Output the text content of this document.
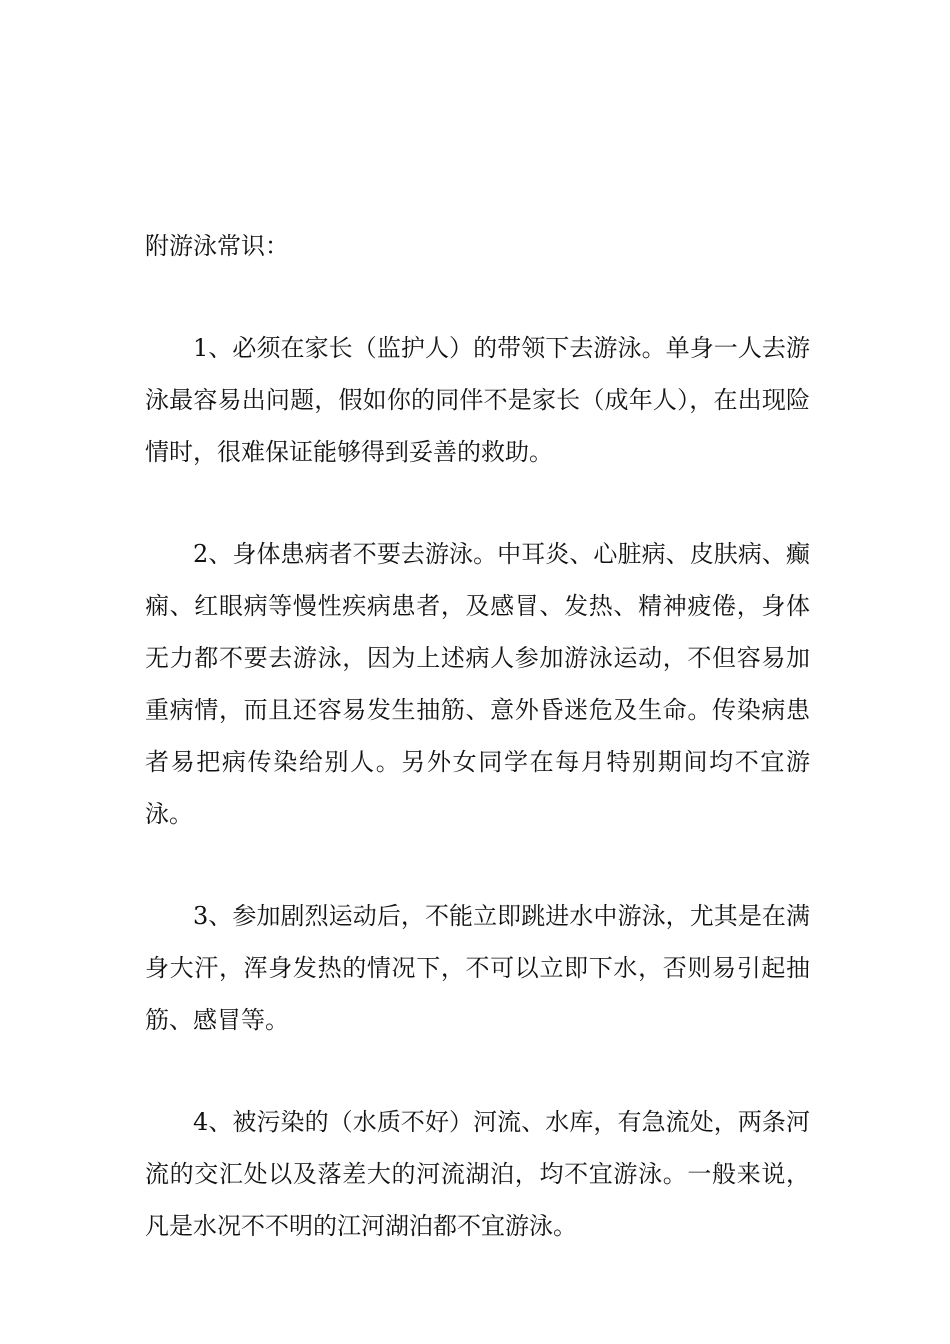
附游泳常识：

1、必须在家长（监护人）的带领下去游泳。单身一人去游泳最容易出问题，假如你的同伴不是家长（成年人），在出现险情时，很难保证能够得到妥善的救助。

2、身体患病者不要去游泳。中耳炎、心脏病、皮肤病、癫痫、红眼病等慢性疾病患者，及感冒、发热、精神疲倦，身体无力都不要去游泳，因为上述病人参加游泳运动，不但容易加重病情，而且还容易发生抽筋、意外昏迷危及生命。传染病患者易把病传染给别人。另外女同学在每月特别期间均不宜游泳。

3、参加剧烈运动后，不能立即跳进水中游泳，尤其是在满身大汗，浑身发热的情况下，不可以立即下水，否则易引起抽筋、感冒等。

4、被污染的（水质不好）河流、水库，有急流处，两条河流的交汇处以及落差大的河流湖泊，均不宜游泳。一般来说，凡是水况不不明的江河湖泊都不宜游泳。
